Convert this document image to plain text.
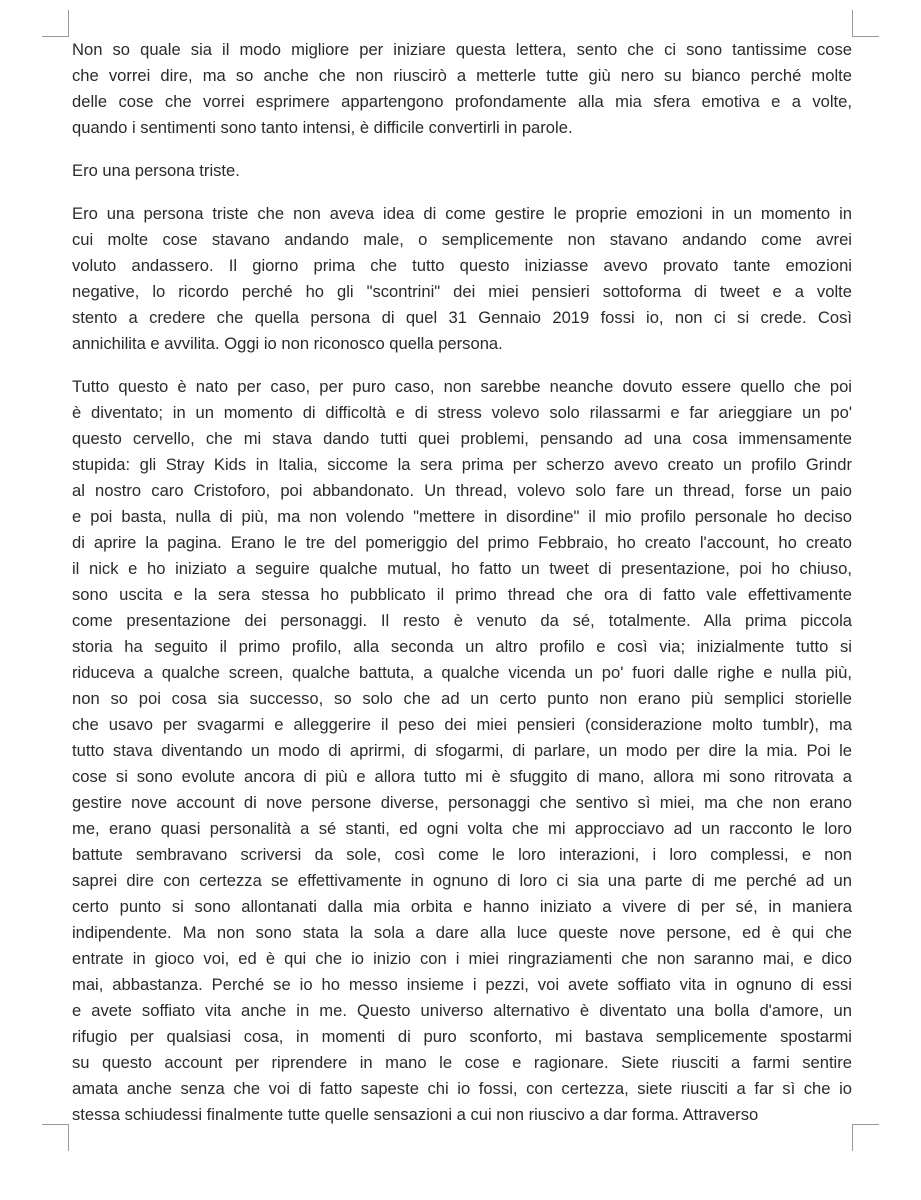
Non so quale sia il modo migliore per iniziare questa lettera, sento che ci sono tantissime cose
che vorrei dire, ma so anche che non riuscirò a metterle tutte giù nero su bianco perché molte
delle cose che vorrei esprimere appartengono profondamente alla mia sfera emotiva e a volte,
quando i sentimenti sono tanto intensi, è difficile convertirli in parole.
Ero una persona triste.
Ero una persona triste che non aveva idea di come gestire le proprie emozioni in un momento in
cui molte cose stavano andando male, o semplicemente non stavano andando come avrei
voluto andassero. Il giorno prima che tutto questo iniziasse avevo provato tante emozioni
negative, lo ricordo perché ho gli "scontrini" dei miei pensieri sottoforma di tweet e a volte
stento a credere che quella persona di quel 31 Gennaio 2019 fossi io, non ci si crede. Così
annichilita e avvilita. Oggi io non riconosco quella persona.
Tutto questo è nato per caso, per puro caso, non sarebbe neanche dovuto essere quello che poi
è diventato; in un momento di difficoltà e di stress volevo solo rilassarmi e far arieggiare un po'
questo cervello, che mi stava dando tutti quei problemi, pensando ad una cosa immensamente
stupida: gli Stray Kids in Italia, siccome la sera prima per scherzo avevo creato un profilo Grindr
al nostro caro Cristoforo, poi abbandonato. Un thread, volevo solo fare un thread, forse un paio
e poi basta, nulla di più, ma non volendo "mettere in disordine" il mio profilo personale ho deciso
di aprire la pagina. Erano le tre del pomeriggio del primo Febbraio, ho creato l'account, ho creato
il nick e ho iniziato a seguire qualche mutual, ho fatto un tweet di presentazione, poi ho chiuso,
sono uscita e la sera stessa ho pubblicato il primo thread che ora di fatto vale effettivamente
come presentazione dei personaggi. Il resto è venuto da sé, totalmente. Alla prima piccola
storia ha seguito il primo profilo, alla seconda un altro profilo e così via; inizialmente tutto si
riduceva a qualche screen, qualche battuta, a qualche vicenda un po' fuori dalle righe e nulla più,
non so poi cosa sia successo, so solo che ad un certo punto non erano più semplici storielle
che usavo per svagarmi e alleggerire il peso dei miei pensieri (considerazione molto tumblr), ma
tutto stava diventando un modo di aprirmi, di sfogarmi, di parlare, un modo per dire la mia. Poi le
cose si sono evolute ancora di più e allora tutto mi è sfuggito di mano, allora mi sono ritrovata a
gestire nove account di nove persone diverse, personaggi che sentivo sì miei, ma che non erano
me, erano quasi personalità a sé stanti, ed ogni volta che mi approcciavo ad un racconto le loro
battute sembravano scriversi da sole, così come le loro interazioni, i loro complessi, e non
saprei dire con certezza se effettivamente in ognuno di loro ci sia una parte di me perché ad un
certo punto si sono allontanati dalla mia orbita e hanno iniziato a vivere di per sé, in maniera
indipendente. Ma non sono stata la sola a dare alla luce queste nove persone, ed è qui che
entrate in gioco voi, ed è qui che io inizio con i miei ringraziamenti che non saranno mai, e dico
mai, abbastanza. Perché se io ho messo insieme i pezzi, voi avete soffiato vita in ognuno di essi
e avete soffiato vita anche in me. Questo universo alternativo è diventato una bolla d'amore, un
rifugio per qualsiasi cosa, in momenti di puro sconforto, mi bastava semplicemente spostarmi
su questo account per riprendere in mano le cose e ragionare. Siete riusciti a farmi sentire
amata anche senza che voi di fatto sapeste chi io fossi, con certezza, siete riusciti a far sì che io
stessa schiudessi finalmente tutte quelle sensazioni a cui non riuscivo a dar forma. Attraverso
